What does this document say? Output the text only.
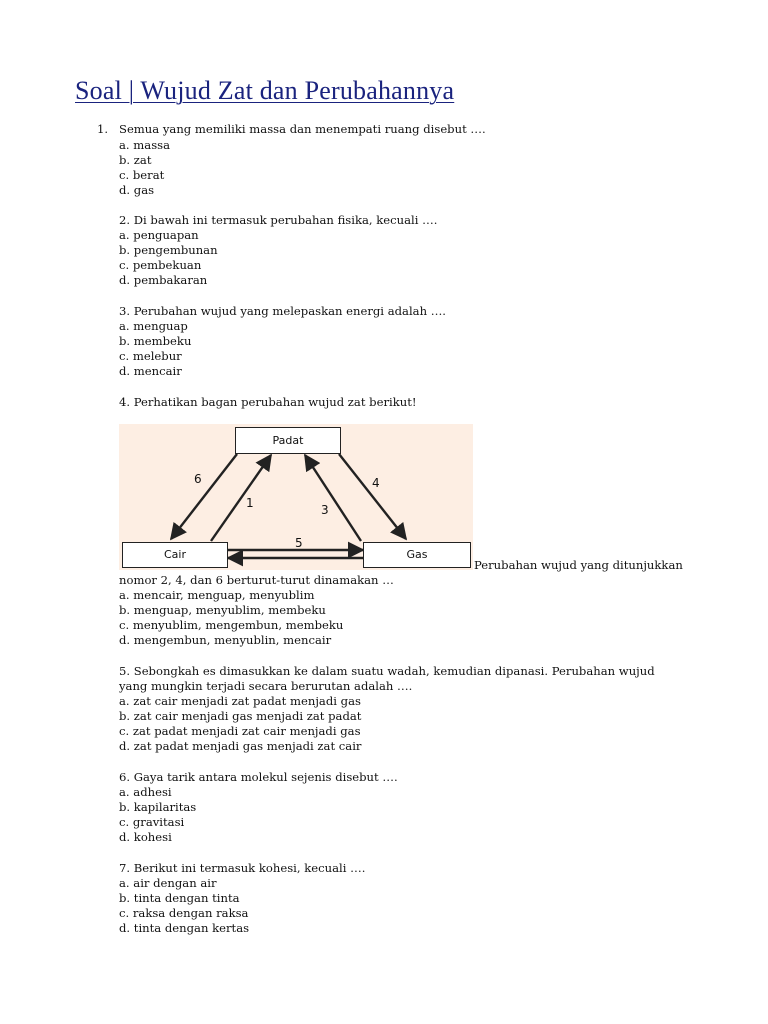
Soal | Wujud Zat dan Perubahannya
1. Semua yang memiliki massa dan menempati ruang disebut ….
a. massa
b. zat
c. berat
d. gas
2. Di bawah ini termasuk perubahan fisika, kecuali ….
a. penguapan
b. pengembunan
c. pembekuan
d. pembakaran
3. Perubahan wujud yang melepaskan energi adalah ….
a. menguap
b. membeku
c. melebur
d. mencair
4. Perhatikan bagan perubahan wujud zat berikut!
Padat
Cair	Gas
6
1	3
4
5
Perubahan wujud yang ditunjukkan
nomor 2, 4, dan 6 berturut-turut dinamakan …
a. mencair, menguap, menyublim
b. menguap, menyublim, membeku
c. menyublim, mengembun, membeku
d. mengembun, menyublin, mencair
5. Sebongkah es dimasukkan ke dalam suatu wadah, kemudian dipanasi. Perubahan wujud
yang mungkin terjadi secara berurutan adalah ….
a. zat cair menjadi zat padat menjadi gas
b. zat cair menjadi gas menjadi zat padat
c. zat padat menjadi zat cair menjadi gas
d. zat padat menjadi gas menjadi zat cair
6. Gaya tarik antara molekul sejenis disebut ….
a. adhesi
b. kapilaritas
c. gravitasi
d. kohesi
7. Berikut ini termasuk kohesi, kecuali ….
a. air dengan air
b. tinta dengan tinta
c. raksa dengan raksa
d. tinta dengan kertas
